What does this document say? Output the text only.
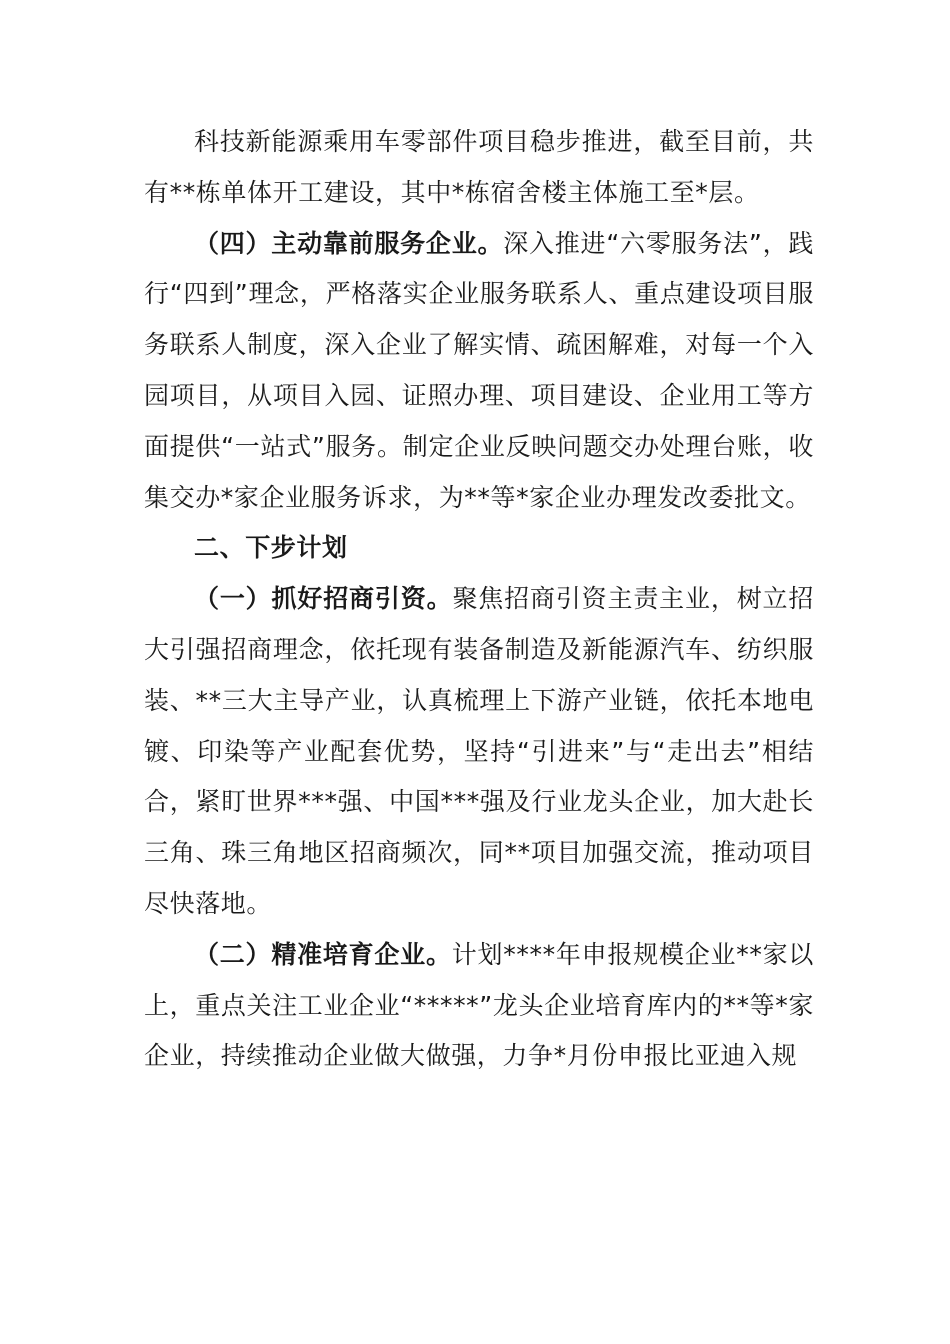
科技新能源乘用车零部件项目稳步推进，截至目前，共有**栋单体开工建设，其中*栋宿舍楼主体施工至*层。

（四）主动靠前服务企业。深入推进“六零服务法”，践行“四到”理念，严格落实企业服务联系人、重点建设项目服务联系人制度，深入企业了解实情、疏困解难，对每一个入园项目，从项目入园、证照办理、项目建设、企业用工等方面提供“一站式”服务。制定企业反映问题交办处理台账，收集交办*家企业服务诉求，为**等*家企业办理发改委批文。

二、下步计划

（一）抓好招商引资。聚焦招商引资主责主业，树立招大引强招商理念，依托现有装备制造及新能源汽车、纺织服装、**三大主导产业，认真梳理上下游产业链，依托本地电镀、印染等产业配套优势，坚持“引进来”与“走出去”相结合，紧盯世界***强、中国***强及行业龙头企业，加大赴长三角、珠三角地区招商频次，同**项目加强交流，推动项目尽快落地。

（二）精准培育企业。计划****年申报规模企业**家以上，重点关注工业企业“*****”龙头企业培育库内的**等*家企业，持续推动企业做大做强，力争*月份申报比亚迪入规
